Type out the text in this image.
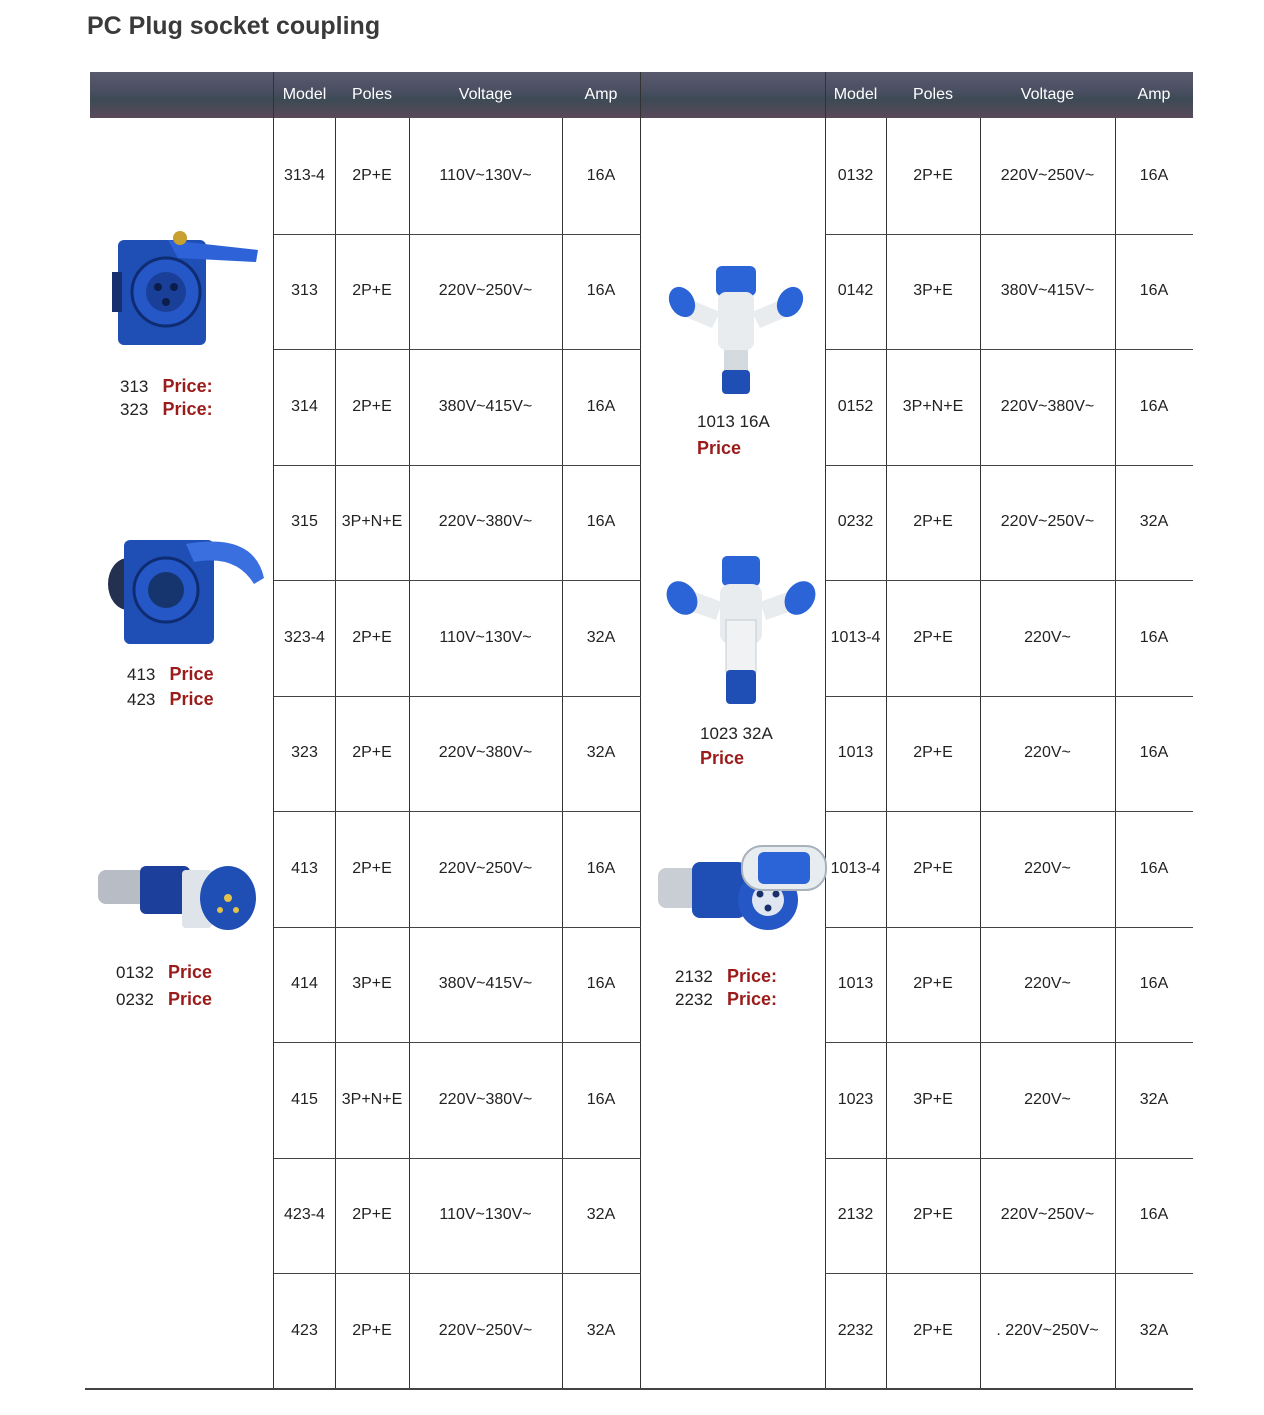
PC Plug socket coupling
Model	Poles	Voltage	Amp	Model	Poles	Voltage	Amp
313-4	2P+E	110V~130V~	16A
313	2P+E	220V~250V~	16A
314	2P+E	380V~415V~	16A
315	3P+N+E	220V~380V~	16A
323-4	2P+E	110V~130V~	32A
323	2P+E	220V~380V~	32A
413	2P+E	220V~250V~	16A
414	3P+E	380V~415V~	16A
415	3P+N+E	220V~380V~	16A
423-4	2P+E	110V~130V~	32A
423	2P+E	220V~250V~	32A
0132	2P+E	220V~250V~	16A
0142	3P+E	380V~415V~	16A
0152	3P+N+E	220V~380V~	16A
0232	2P+E	220V~250V~	32A
1013-4	2P+E	220V~	16A
1013	2P+E	220V~	16A
1013-4	2P+E	220V~	16A
1013	2P+E	220V~	16A
1023	3P+E	220V~	32A
2132	2P+E	220V~250V~	16A
2232	2P+E	. 220V~250V~	32A
313 Price:
323 Price:
413 Price
423 Price
0132 Price
0232 Price
1013 16A
Price
1023 32A
Price
2132 Price:
2232 Price:
